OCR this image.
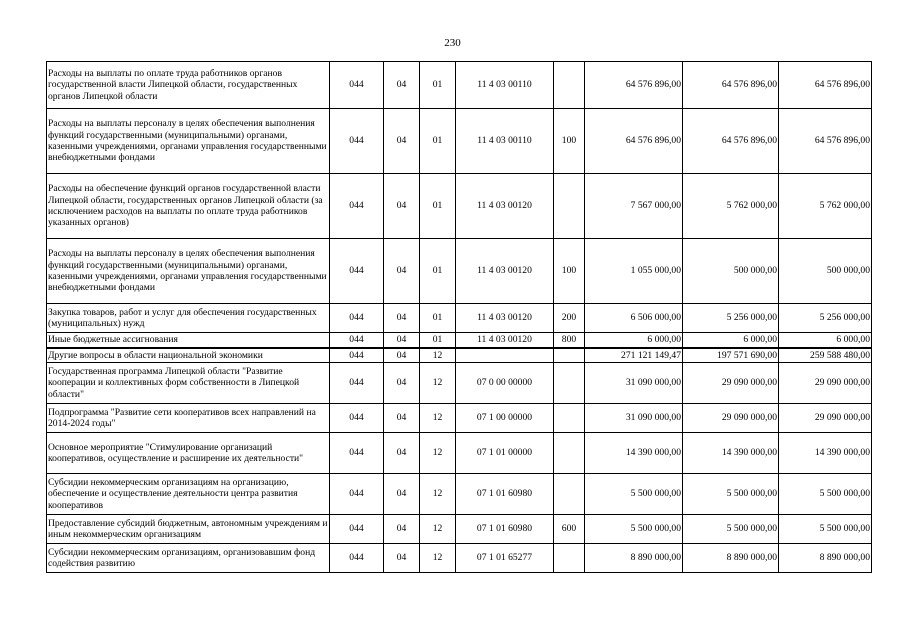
230
Расходы на выплаты по оплате труда работников органов государственной власти Липецкой области, государственных органов Липецкой области	044	04	01	11 4 03 00110		64 576 896,00	64 576 896,00	64 576 896,00
Расходы на выплаты персоналу в целях обеспечения выполнения функций государственными (муниципальными) органами, казенными учреждениями, органами управления государственными внебюджетными фондами	044	04	01	11 4 03 00110	100	64 576 896,00	64 576 896,00	64 576 896,00
Расходы на обеспечение функций органов государственной власти Липецкой области, государственных органов Липецкой области (за исключением расходов на выплаты по оплате труда работников указанных органов)	044	04	01	11 4 03 00120		7 567 000,00	5 762 000,00	5 762 000,00
Расходы на выплаты персоналу в целях обеспечения выполнения функций государственными (муниципальными) органами, казенными учреждениями, органами управления государственными внебюджетными фондами	044	04	01	11 4 03 00120	100	1 055 000,00	500 000,00	500 000,00
Закупка товаров, работ и услуг для обеспечения государственных (муниципальных) нужд	044	04	01	11 4 03 00120	200	6 506 000,00	5 256 000,00	5 256 000,00
Иные бюджетные ассигнования	044	04	01	11 4 03 00120	800	6 000,00	6 000,00	6 000,00
Другие вопросы в области национальной экономики	044	04	12			271 121 149,47	197 571 690,00	259 588 480,00
Государственная программа Липецкой области "Развитие кооперации и коллективных форм собственности в Липецкой области"	044	04	12	07 0 00 00000		31 090 000,00	29 090 000,00	29 090 000,00
Подпрограмма "Развитие сети кооперативов всех направлений на 2014-2024 годы"	044	04	12	07 1 00 00000		31 090 000,00	29 090 000,00	29 090 000,00
Основное мероприятие "Стимулирование организаций кооперативов, осуществление и расширение их деятельности"	044	04	12	07 1 01 00000		14 390 000,00	14 390 000,00	14 390 000,00
Субсидии некоммерческим организациям на организацию, обеспечение и осуществление деятельности центра развития кооперативов	044	04	12	07 1 01 60980		5 500 000,00	5 500 000,00	5 500 000,00
Предоставление субсидий бюджетным, автономным учреждениям и иным некоммерческим организациям	044	04	12	07 1 01 60980	600	5 500 000,00	5 500 000,00	5 500 000,00
Субсидии некоммерческим организациям, организовавшим фонд содействия развитию	044	04	12	07 1 01 65277		8 890 000,00	8 890 000,00	8 890 000,00
